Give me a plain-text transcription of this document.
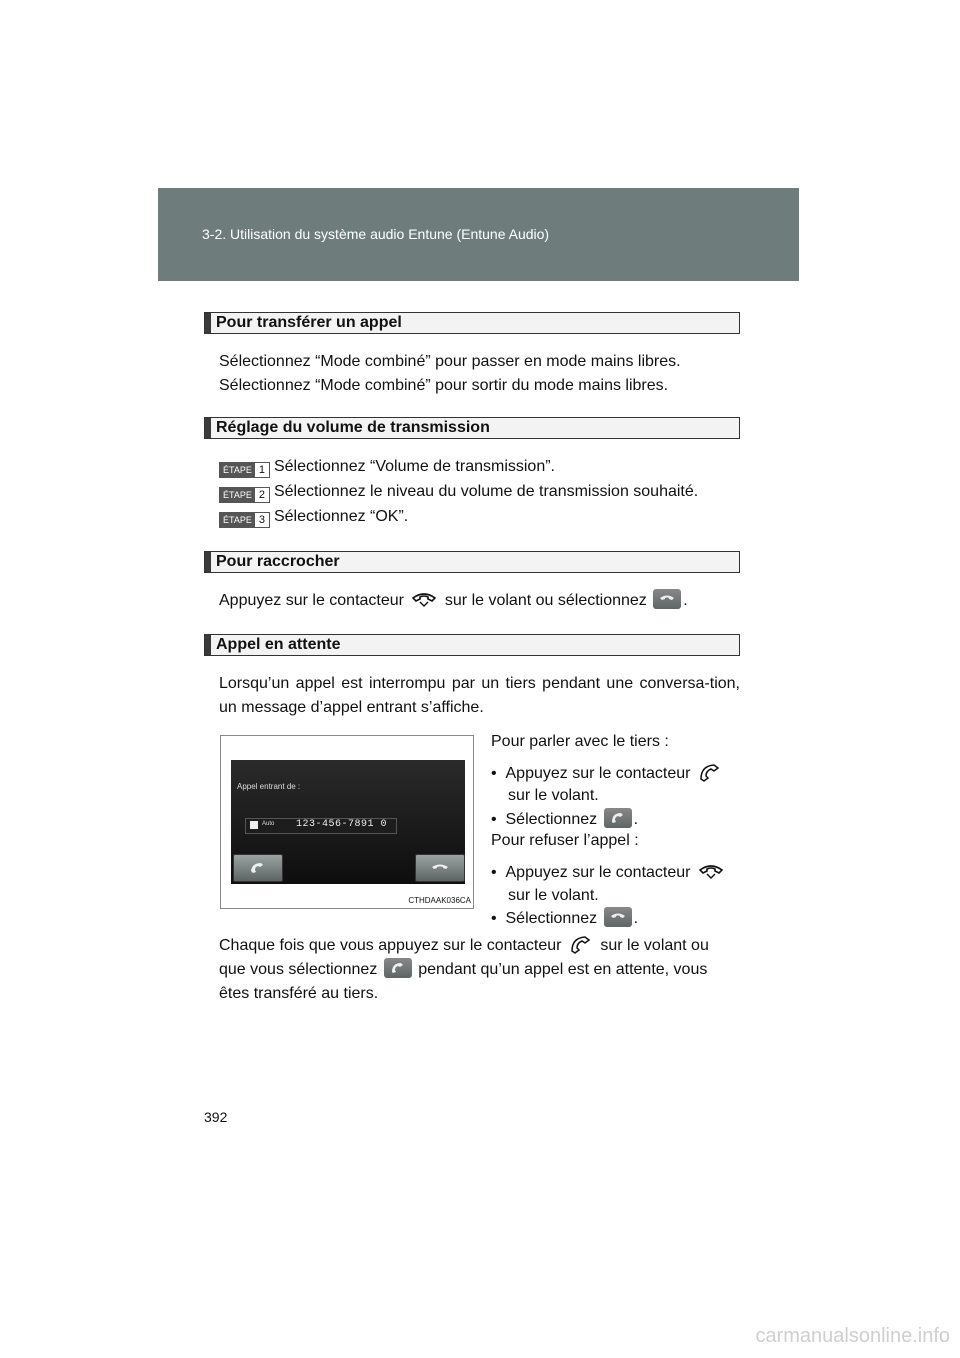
3-2. Utilisation du système audio Entune (Entune Audio)
Pour transférer un appel
Sélectionnez “Mode combiné” pour passer en mode mains libres.
Sélectionnez “Mode combiné” pour sortir du mode mains libres.
Réglage du volume de transmission
ÉTAPE 1 Sélectionnez “Volume de transmission”.
ÉTAPE 2 Sélectionnez le niveau du volume de transmission souhaité.
ÉTAPE 3 Sélectionnez “OK”.
Pour raccrocher
Appuyez sur le contacteur	sur le volant ou sélectionnez .
Appel en attente
Lorsqu’un appel est interrompu par un tiers pendant une conversa-tion, un message d’appel entrant s’affiche.
Appel entrant de :
Auto 123-456-7891 0
CTHDAAK036CA
Pour parler avec le tiers :
• Appuyez sur le contacteur
sur le volant.
• Sélectionnez .
Pour refuser l’appel :
• Appuyez sur le contacteur
sur le volant.
• Sélectionnez .
Chaque fois que vous appuyez sur le contacteur sur le volant ou
que vous sélectionnez	pendant qu’un appel est en attente, vous
êtes transféré au tiers.
392
carmanualsonline.info
